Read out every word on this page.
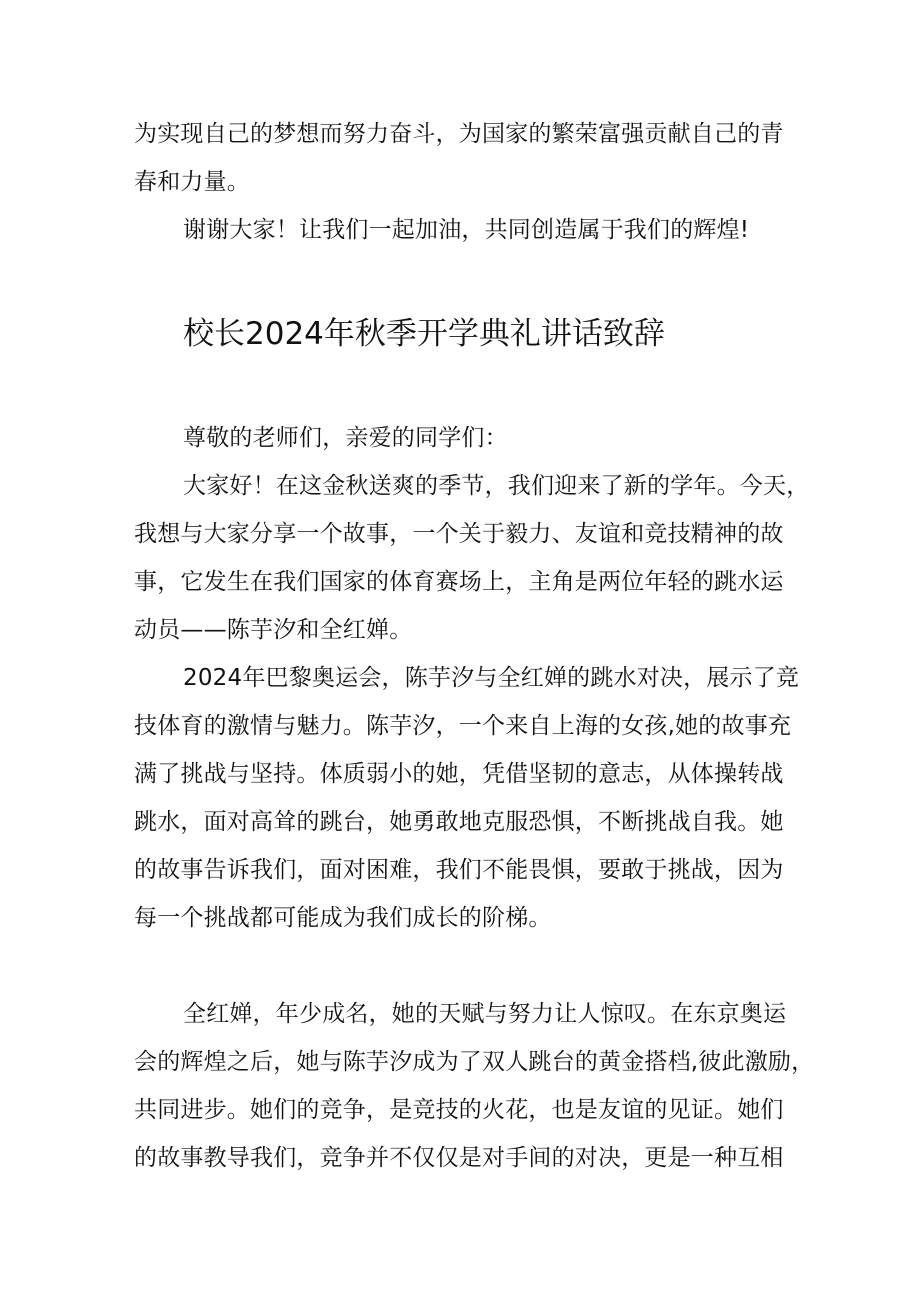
为实现自己的梦想而努力奋斗，为国家的繁荣富强贡献自己的青
春和力量。
谢谢大家！让我们一起加油，共同创造属于我们的辉煌!
校长2024年秋季开学典礼讲话致辞
尊敬的老师们，亲爱的同学们：
大家好！在这金秋送爽的季节，我们迎来了新的学年。今天，
我想与大家分享一个故事，一个关于毅力、友谊和竞技精神的故
事，它发生在我们国家的体育赛场上，主角是两位年轻的跳水运
动员——陈芋汐和全红婵。
2024年巴黎奥运会，陈芋汐与全红婵的跳水对决，展示了竞
技体育的激情与魅力。陈芋汐，一个来自上海的女孩,她的故事充
满了挑战与坚持。体质弱小的她，凭借坚韧的意志，从体操转战
跳水，面对高耸的跳台，她勇敢地克服恐惧，不断挑战自我。她
的故事告诉我们，面对困难，我们不能畏惧，要敢于挑战，因为
每一个挑战都可能成为我们成长的阶梯。
全红婵，年少成名，她的天赋与努力让人惊叹。在东京奥运
会的辉煌之后，她与陈芋汐成为了双人跳台的黄金搭档,彼此激励，
共同进步。她们的竞争，是竞技的火花，也是友谊的见证。她们
的故事教导我们，竞争并不仅仅是对手间的对决，更是一种互相
